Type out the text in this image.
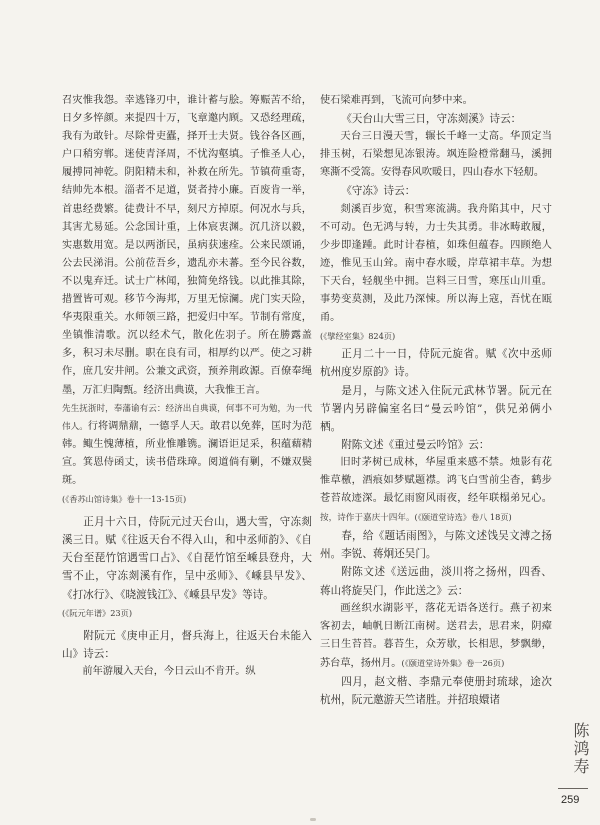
召灾惟我怨。幸逃锋刃中，谁计蓄与脍。筹赈苦不给，日夕多悴颜。来提四十万，飞章邀内顾。又恐经理疏，我有为敢针。尽除骨吏蠹，择开士夫贤。钱谷各区画，户口稍穷郸。迷使青泽周，不忧沟壑填。子惟圣人心，履搏同神乾。阴阳精未和，补救在所先。节镇荷重寄，结帅先本根。淄者不足道，贤者持小廉。百废肯一举，首患经费繁。徒费计不早，刻尺方掉原。何况水与兵，其害尤易延。公念国计重，上体宸衷渊。沉几济以毅，实惠数用宽。是以两浙民，虽病获速痊。公来民颂诵，公去民涕涓。公前莅吾乡，遗乱亦未蕃。至今民谷数，不以鬼弃迁。试士广林闻，独简免络钱。以此推其除，措置皆可观。移节今海邦，万里无惊澜。虎门实天险，华夷限重关。水师领三路，把爱归中军。节制有常度，坐镇惟清歌。沉以经术气，散化佐羽子。所在勝露盖多，积习未尽删。职在良有司，相厚约以严。使之习耕作，庶几安井闸。公兼文武资，预养荆政源。百僚奉绳墨，万汇归陶甄。经济出典谟，大我惟王言。

先生抚浙时，奉藩谕有云：经济出自典谟，何事不可为勉，为一代伟人。行将调鼎鼐，一德孚人天。敢君以免葬，匡时为范韩。鲰生愧薄植，所业惟雕镌。澜语讵足采，积蕴藉精宣。箕恩侍函丈，读书借珠璋。阅道倘有剿，不嫌双鬓斑。

(《香苏山馆诗集》卷十一13-15页)

正月十六日，侍阮元过天台山，遇大雪，守冻剡溪三日。赋《往返天台不得入山，和中丞师韵》、《自天台至琵竹馆遇雪口占》、《自琵竹馆至嵊县登舟，大雪不止，守冻剡溪有作，呈中丞师》、《嵊县早发》、《打冰行》、《晓渡钱江》、《嵊县早发》等诗。

(《阮元年谱》23页)

附阮元《庚申正月，督兵海上，往返天台未能入山》诗云：

前年游履入天台，今日云山不肯开。纵

使石梁难再到，飞流可向梦中来。

《天台山大雪三日，守冻剡溪》诗云：

天台三日漫天雪，辗长千峰一丈高。华顶定当排玉树，石梁想见冻银涛。飒连险橙常翻马，溪拥寒澌不受篙。安得春风吹暖日，四山春水下轻舠。

《守冻》诗云：

剡溪百步宽，积雪寒流满。我舟陷其中，尺寸不可动。色无鸿与转，力士失其勇。非冰畴敢履，少步即逢踵。此时计春植，如珠但蕴春。四顾绝人迹，惟见玉山耸。南中春水暖，岸草裙丰草。为想下天台，轻舰坐中拥。岂料三日雪，寒压山川重。事势变莫测，及此乃深悚。所以海上寇，吾忧在瓯甬。

(《擘经室集》824页)

正月二十一日，侍阮元旋省。赋《次中丞师杭州度岁原韵》诗。

是月，与陈文述入住阮元武林节署。阮元在节署内另辟偏室名曰“曼云吟馆”，供兄弟俩小栖。

附陈文述《重过曼云吟馆》云：

旧时茅树已成林，华屋重来感不禁。烛影有花惟草檄，酒痕如梦赋题襟。鸿飞白雪前尘杳，鹤步苍苔故迹深。最忆雨窗风雨夜，经年联榻弟兄心。按，诗作于嘉庆十四年。(《颐道堂诗选》卷八 18页)

春，给《题话雨图》，与陈文述饯吴文溥之扬州。李锐、蒋炯还吴门。

附陈文述《送远曲，淡川将之扬州，四香、蒋山将旋吴门，作此送之》云：

画丝织水湖影平，落花无语各送行。燕子初来客初去，岫帆日断江南树。送君去，思君来，阴瘴三日生苔苔。暮苔生，众芳歇，长相思，梦飘缈，苏台草，扬州月。(《颐道堂诗外集》卷一26页)

四月，赵文楷、李鼎元奉使册封琉球，途次杭州，阮元邀游天竺诸胜。并招琅嬛诸

陈鸿寿
259
